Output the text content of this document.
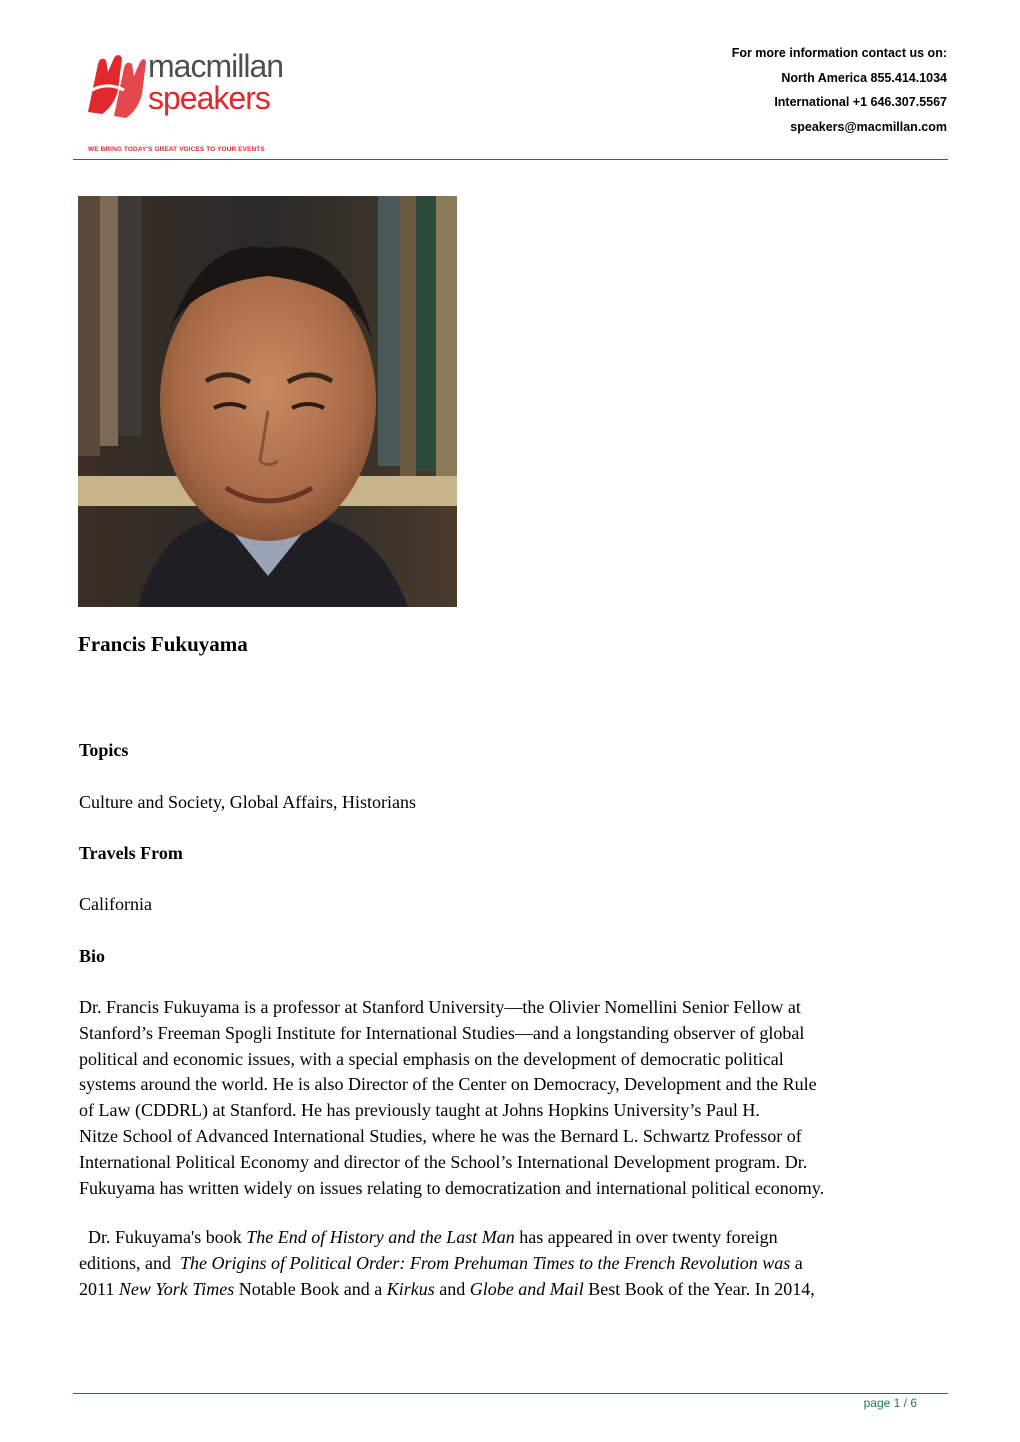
macmillan
speakers
WE BRING TODAY'S GREAT VOICES TO YOUR EVENTS
For more information contact us on:
North America 855.414.1034
International +1 646.307.5567
speakers@macmillan.com
Francis Fukuyama
Topics
Culture and Society, Global Affairs, Historians
Travels From
California
Bio
Dr. Francis Fukuyama is a professor at Stanford University—the Olivier Nomellini Senior Fellow at
Stanford’s Freeman Spogli Institute for International Studies—and a longstanding observer of global
political and economic issues, with a special emphasis on the development of democratic political
systems around the world. He is also Director of the Center on Democracy, Development and the Rule
of Law (CDDRL) at Stanford. He has previously taught at Johns Hopkins University’s Paul H.
Nitze School of Advanced International Studies, where he was the Bernard L. Schwartz Professor of
International Political Economy and director of the School’s International Development program. Dr.
Fukuyama has written widely on issues relating to democratization and international political economy.
Dr. Fukuyama's book The End of History and the Last Man has appeared in over twenty foreign
editions, and  The Origins of Political Order: From Prehuman Times to the French Revolution was a
2011 New York Times Notable Book and a Kirkus and Globe and Mail Best Book of the Year. In 2014,
page 1 / 6
